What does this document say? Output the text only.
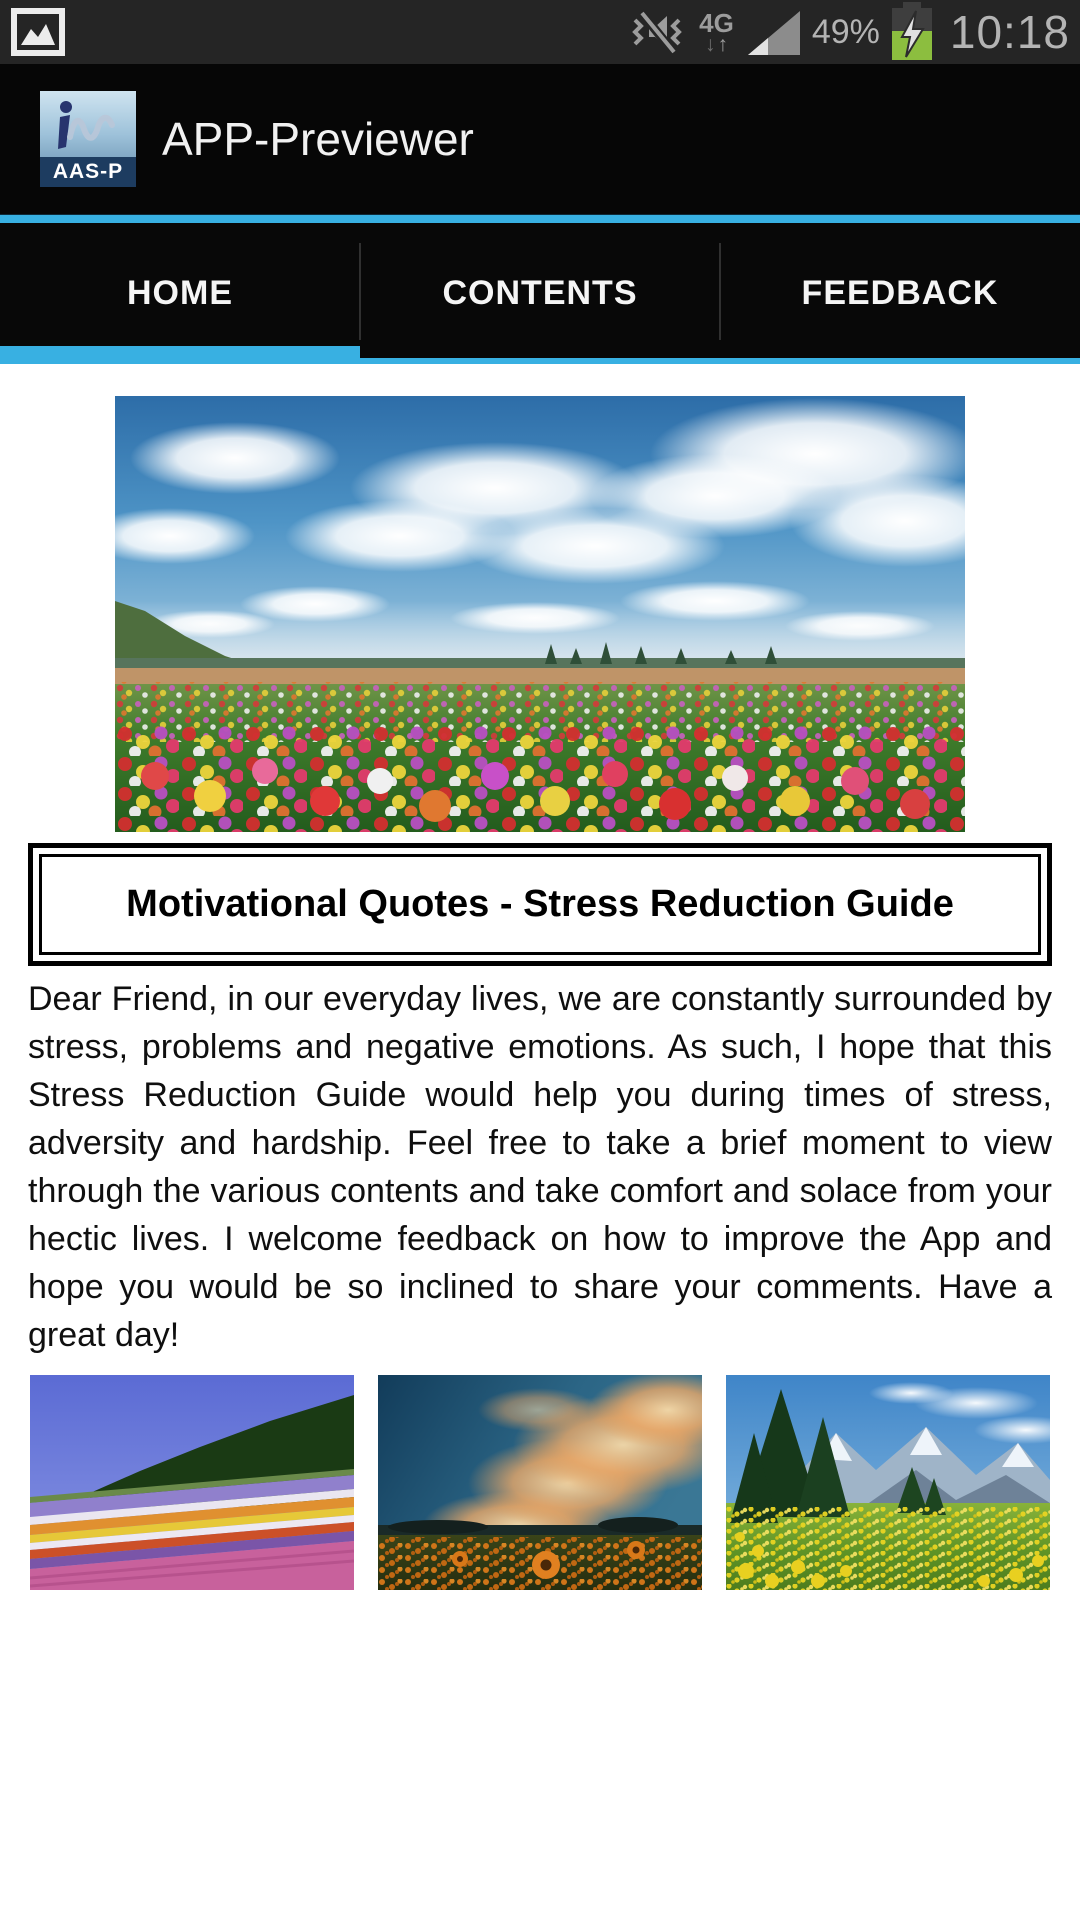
4G
↓ ↑ 49% 10:18
AAS-P
APP-Previewer
HOME	CONTENTS	FEEDBACK
Motivational Quotes - Stress Reduction Guide

Dear Friend, in our everyday lives, we are constantly surrounded by stress, problems and negative emotions. As such, I hope that this Stress Reduction Guide would help you during times of stress, adversity and hardship. Feel free to take a brief moment to view through the various contents and take comfort and solace from your hectic lives. I welcome feedback on how to improve the App and hope you would be so inclined to share your comments. Have a great day!
